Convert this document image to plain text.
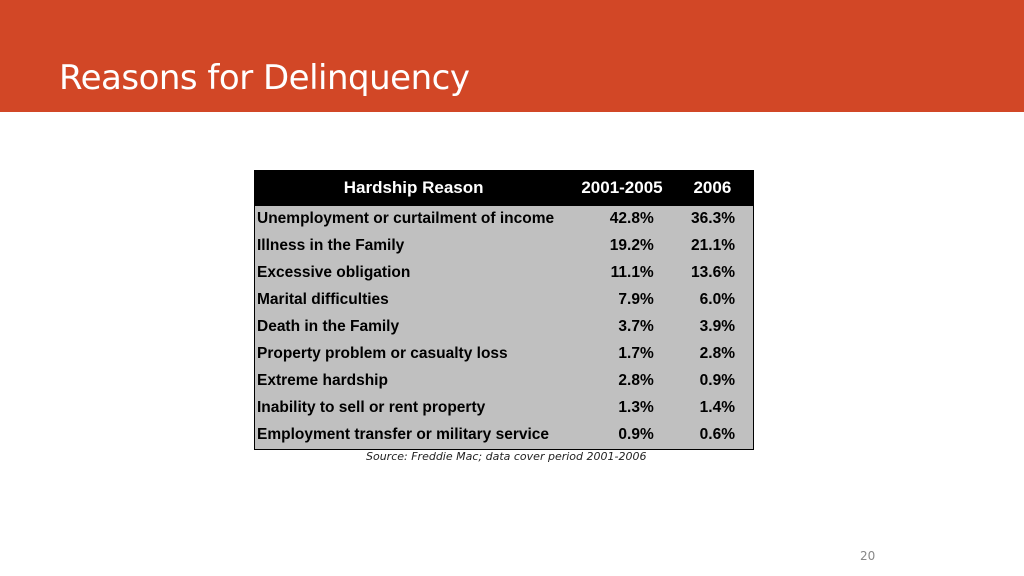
Reasons for Delinquency
Hardship Reason	2001-2005	2006
Unemployment or curtailment of income	42.8%	36.3%
Illness in the Family	19.2%	21.1%
Excessive obligation	11.1%	13.6%
Marital difficulties	7.9%	6.0%
Death in the Family	3.7%	3.9%
Property problem or casualty loss	1.7%	2.8%
Extreme hardship	2.8%	0.9%
Inability to sell or rent property	1.3%	1.4%
Employment transfer or military service	0.9%	0.6%
Source: Freddie Mac; data cover period 2001-2006
20
